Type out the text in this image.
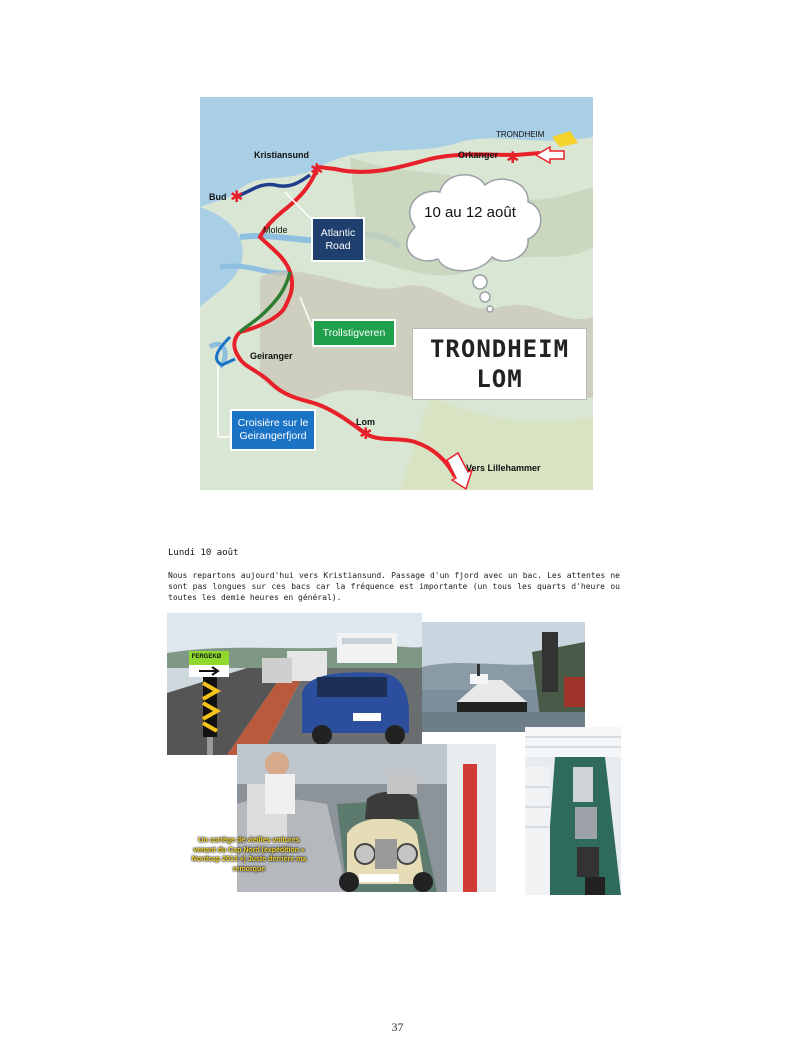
✱
✱
✱
✱
Kristiansund	Orkanger
TRONDHEIM
Bud
Molde
Geiranger
Lom
Vers Lillehammer
Atlantic Road
Trollstigveren
Croisière sur le Geirangerfjord
10 au 12 août
TRONDHEIM
LOM
Lundi 10 août
Nous repartons aujourd'hui vers Kristiansund. Passage d'un fjord avec un bac. Les attentes ne sont pas longues sur ces bacs car la fréquence est importante (un tous les quarts d'heure ou toutes les demie heures en général).
FERGEKØ
Un cortège de vieilles voitures venant du Cap Nord (expédition « Nordcap 2013 ») Juste derrière ma remorque
37
